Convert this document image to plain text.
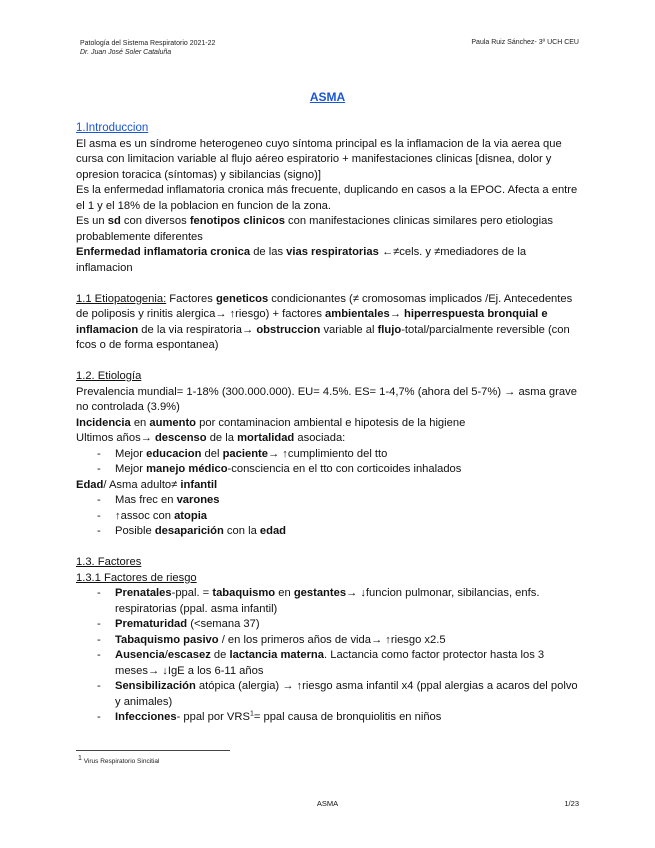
Patología del Sistema Respiratorio 2021-22
Dr. Juan José Soler Cataluña
Paula Ruiz Sánchez- 3º UCH CEU
ASMA

1.Introduccion

El asma es un síndrome heterogeneo cuyo síntoma principal es la inflamacion de la via aerea que cursa con limitacion variable al flujo aéreo espiratorio + manifestaciones clinicas [disnea, dolor y opresion toracica (síntomas) y sibilancias (signo)]

Es la enfermedad inflamatoria cronica más frecuente, duplicando en casos a la EPOC. Afecta a entre el 1 y el 18% de la poblacion en funcion de la zona.

Es un sd con diversos fenotipos clinicos con manifestaciones clinicas similares pero etiologias probablemente diferentes

Enfermedad inflamatoria cronica de las vias respiratorias ←≠cels. y ≠mediadores de la inflamacion

1.1 Etiopatogenia: Factores geneticos condicionantes (≠ cromosomas implicados /Ej. Antecedentes de poliposis y rinitis alergica→ ↑riesgo) + factores ambientales→ hiperrespuesta bronquial e inflamacion de la via respiratoria→ obstruccion variable al flujo-total/parcialmente reversible (con fcos o de forma espontanea)

1.2. Etiología

Prevalencia mundial= 1-18% (300.000.000). EU= 4.5%. ES= 1-4,7% (ahora del 5-7%) → asma grave no controlada (3.9%)

Incidencia en aumento por contaminacion ambiental e hipotesis de la higiene

Ultimos años→ descenso de la mortalidad asociada:

- Mejor educacion del paciente→ ↑cumplimiento del tto
- Mejor manejo médico-consciencia en el tto con corticoides inhalados

Edad/ Asma adulto≠ infantil

- Mas frec en varones
- ↑assoc con atopia
- Posible desaparición con la edad

1.3. Factores

1.3.1 Factores de riesgo

- Prenatales-ppal. = tabaquismo en gestantes→ ↓funcion pulmonar, sibilancias, enfs. respiratorias (ppal. asma infantil)
- Prematuridad (<semana 37)
- Tabaquismo pasivo / en los primeros años de vida→ ↑riesgo x2.5
- Ausencia/escasez de lactancia materna. Lactancia como factor protector hasta los 3 meses→ ↓IgE a los 6-11 años
- Sensibilización atópica (alergia) → ↑riesgo asma infantil x4 (ppal alergias a acaros del polvo y animales)
- Infecciones- ppal por $VRS^1=$ ppal causa de bronquiolitis en niños
$^1$ Virus Respiratorio Sincitial
ASMA	1/23
